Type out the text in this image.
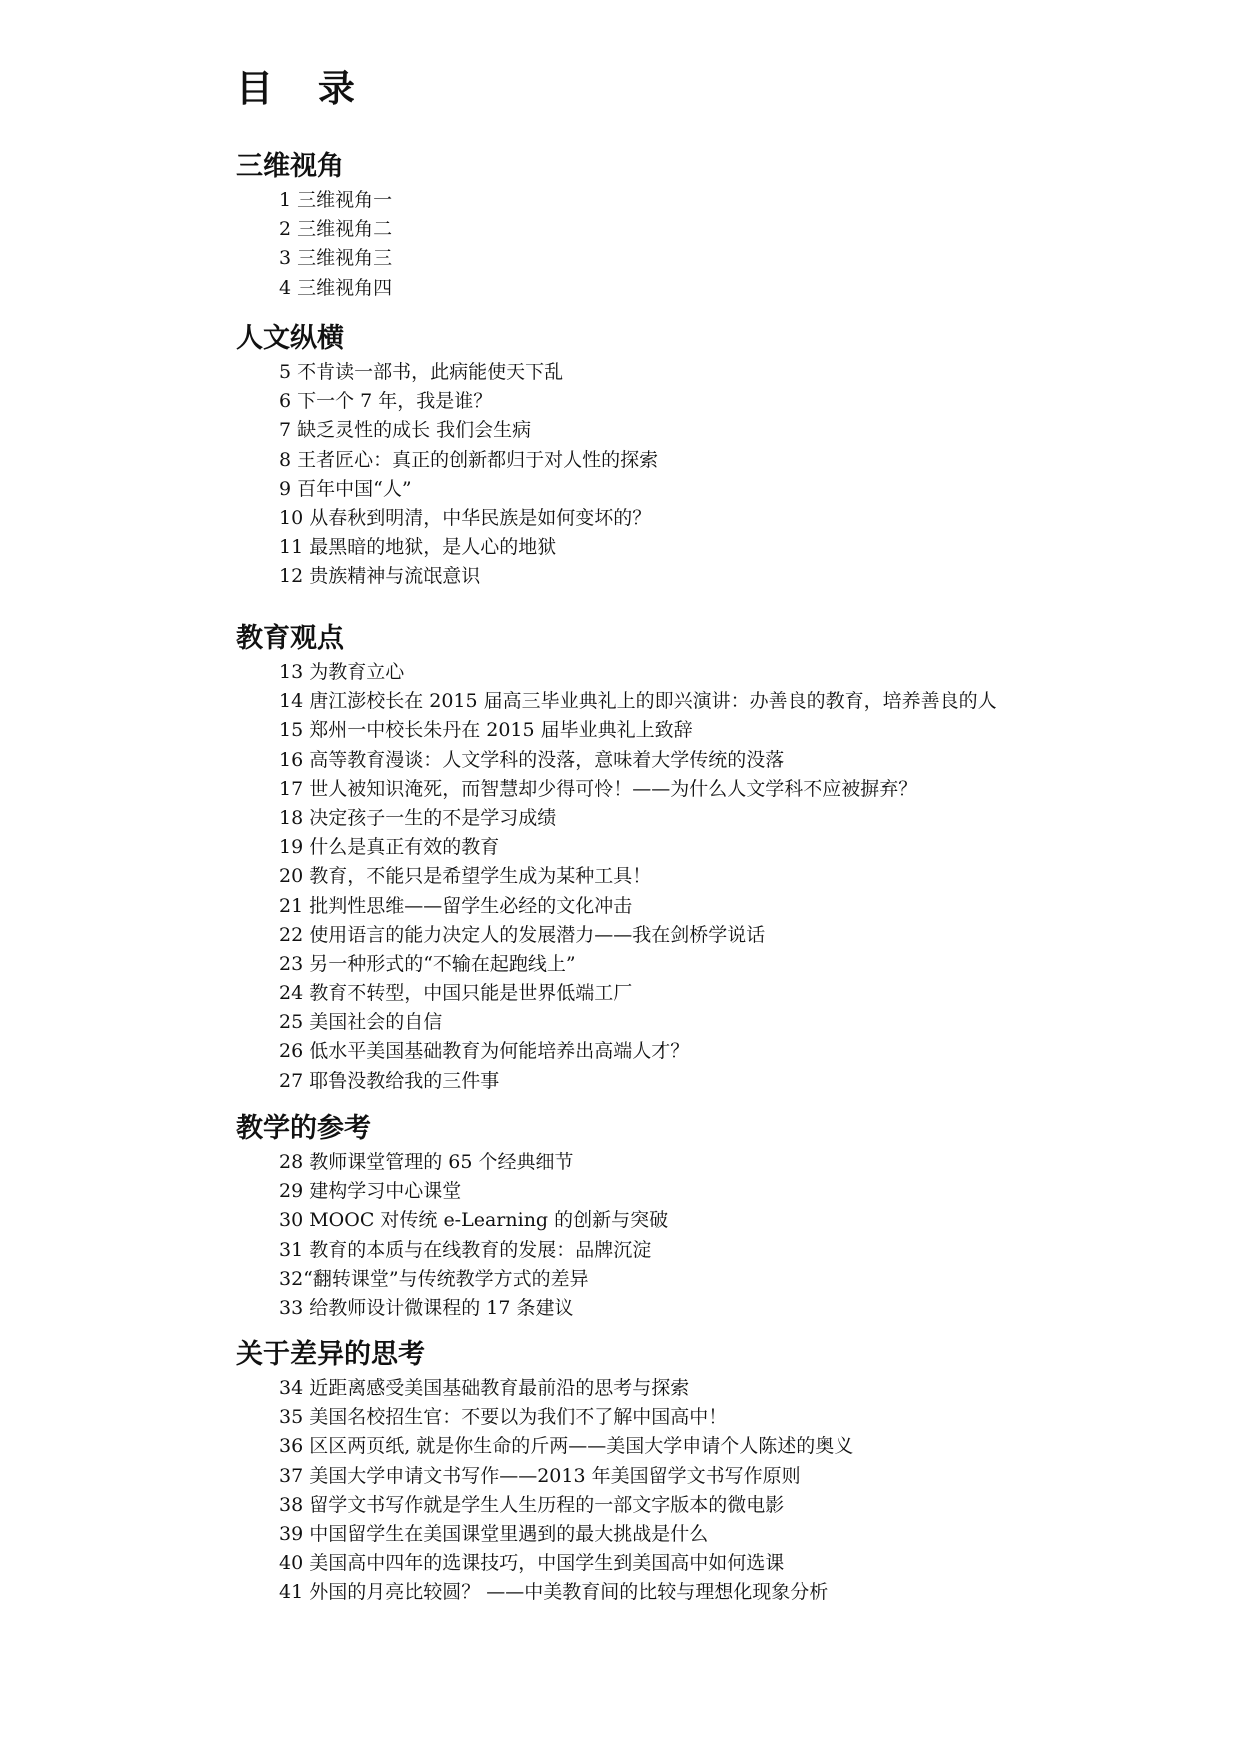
目 录
三维视角
1 三维视角一
2 三维视角二
3 三维视角三
4 三维视角四
人文纵横
5 不肯读一部书，此病能使天下乱
6 下一个 7 年，我是谁？
7 缺乏灵性的成长 我们会生病
8 王者匠心：真正的创新都归于对人性的探索
9 百年中国“人”
10 从春秋到明清，中华民族是如何变坏的？
11 最黑暗的地狱，是人心的地狱
12 贵族精神与流氓意识
教育观点
13 为教育立心
14 唐江澎校长在 2015 届高三毕业典礼上的即兴演讲：办善良的教育，培养善良的人
15 郑州一中校长朱丹在 2015 届毕业典礼上致辞
16 高等教育漫谈：人文学科的没落，意味着大学传统的没落
17 世人被知识淹死，而智慧却少得可怜！——为什么人文学科不应被摒弃？
18 决定孩子一生的不是学习成绩
19 什么是真正有效的教育
20 教育，不能只是希望学生成为某种工具！
21 批判性思维——留学生必经的文化冲击
22 使用语言的能力决定人的发展潜力——我在剑桥学说话
23 另一种形式的“不输在起跑线上”
24 教育不转型，中国只能是世界低端工厂
25 美国社会的自信
26 低水平美国基础教育为何能培养出高端人才？
27 耶鲁没教给我的三件事
教学的参考
28 教师课堂管理的 65 个经典细节
29 建构学习中心课堂
30 MOOC 对传统 e-Learning 的创新与突破
31 教育的本质与在线教育的发展：品牌沉淀
32“翻转课堂”与传统教学方式的差异
33 给教师设计微课程的 17 条建议
关于差异的思考
34 近距离感受美国基础教育最前沿的思考与探索
35 美国名校招生官：不要以为我们不了解中国高中！
36 区区两页纸, 就是你生命的斤两——美国大学申请个人陈述的奥义
37 美国大学申请文书写作——2013 年美国留学文书写作原则
38 留学文书写作就是学生人生历程的一部文字版本的微电影
39 中国留学生在美国课堂里遇到的最大挑战是什么
40 美国高中四年的选课技巧，中国学生到美国高中如何选课
41 外国的月亮比较圆？ ——中美教育间的比较与理想化现象分析
